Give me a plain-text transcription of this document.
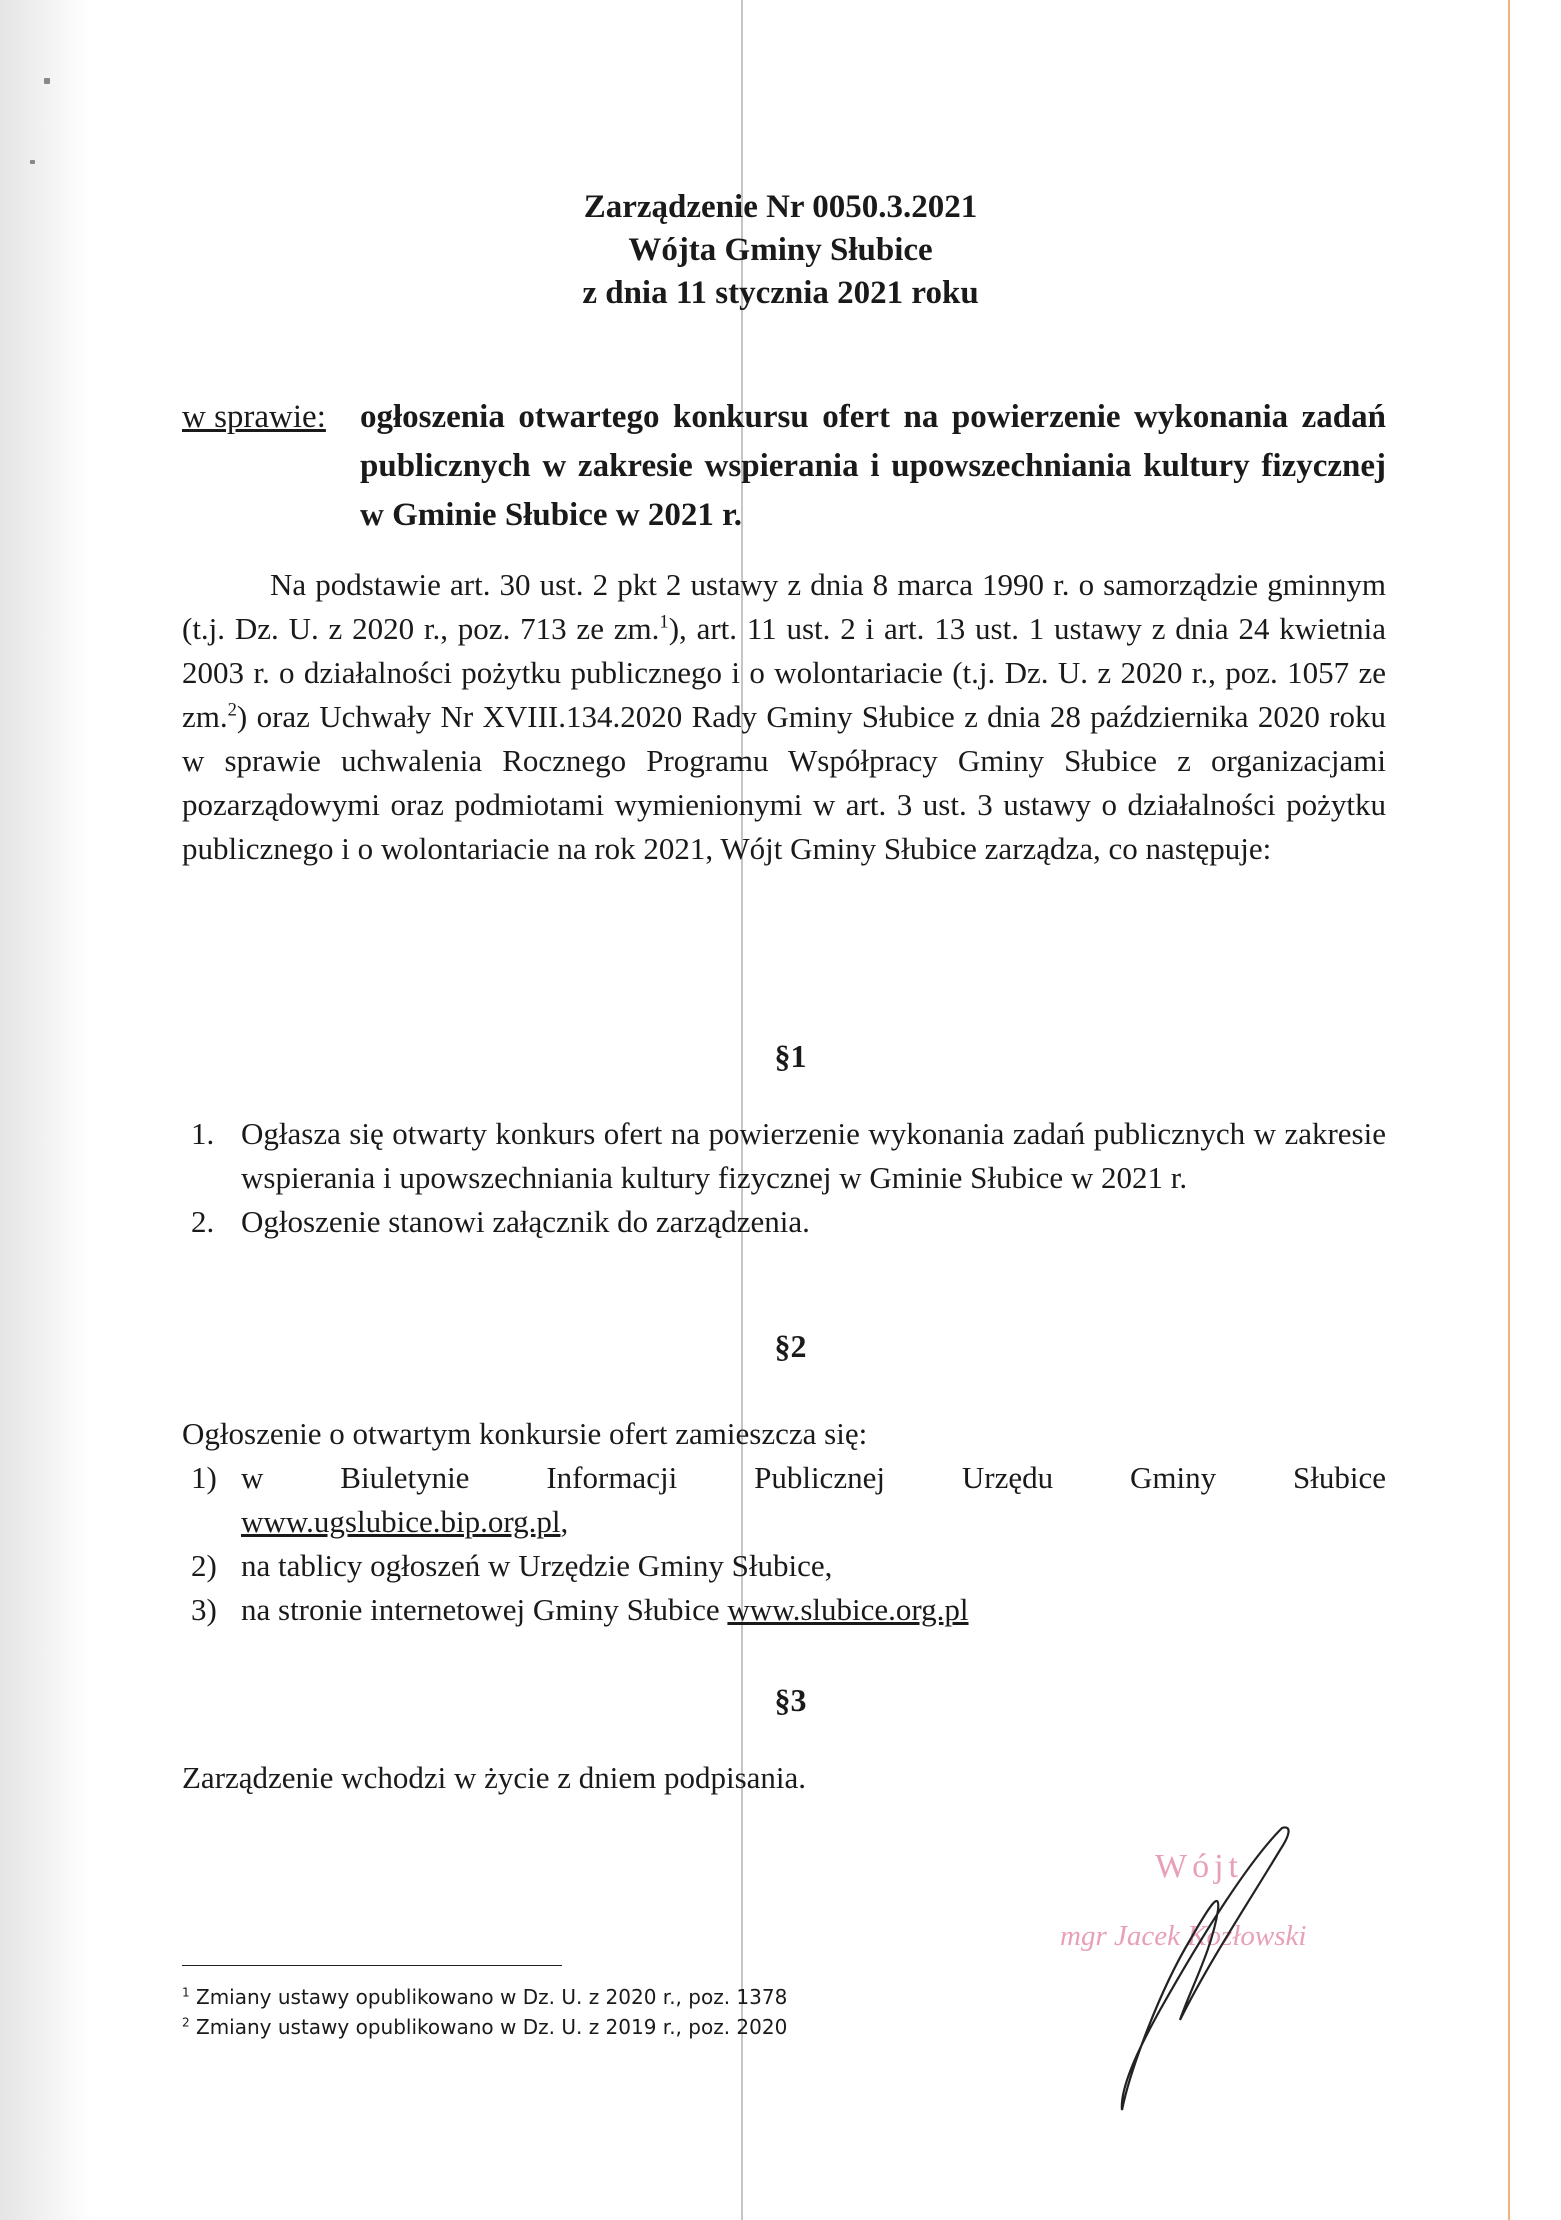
Zarządzenie Nr 0050.3.2021
Wójta Gminy Słubice
z dnia 11 stycznia 2021 roku
w sprawie: ogłoszenia otwartego konkursu ofert na powierzenie wykonania zadań publicznych w zakresie wspierania i upowszechniania kultury fizycznej w Gminie Słubice w 2021 r.
Na podstawie art. 30 ust. 2 pkt 2 ustawy z dnia 8 marca 1990 r. o samorządzie gminnym (t.j. Dz. U. z 2020 r., poz. 713 ze zm.$^1$), art. 11 ust. 2 i art. 13 ust. 1 ustawy z dnia 24 kwietnia 2003 r. o działalności pożytku publicznego i o wolontariacie (t.j. Dz. U. z 2020 r., poz. 1057 ze zm.$^2$) oraz Uchwały Nr XVIII.134.2020 Rady Gminy Słubice z dnia 28 października 2020 roku w sprawie uchwalenia Rocznego Programu Współpracy Gminy Słubice z organizacjami pozarządowymi oraz podmiotami wymienionymi w art. 3 ust. 3 ustawy o działalności pożytku publicznego i o wolontariacie na rok 2021, Wójt Gminy Słubice zarządza, co następuje:
§1
1. Ogłasza się otwarty konkurs ofert na powierzenie wykonania zadań publicznych w zakresie wspierania i upowszechniania kultury fizycznej w Gminie Słubice w 2021 r.
2. Ogłoszenie stanowi załącznik do zarządzenia.
§2
Ogłoszenie o otwartym konkursie ofert zamieszcza się:
1) w Biuletynie Informacji Publicznej Urzędu Gminy Słubice
www.ugslubice.bip.org.pl,
2) na tablicy ogłoszeń w Urzędzie Gminy Słubice,
3) na stronie internetowej Gminy Słubice www.slubice.org.pl
§3
Zarządzenie wchodzi w życie z dniem podpisania.
Wójt
mgr Jacek Kozłowski
$^1$ Zmiany ustawy opublikowano w Dz. U. z 2020 r., poz. 1378
$^2$ Zmiany ustawy opublikowano w Dz. U. z 2019 r., poz. 2020
